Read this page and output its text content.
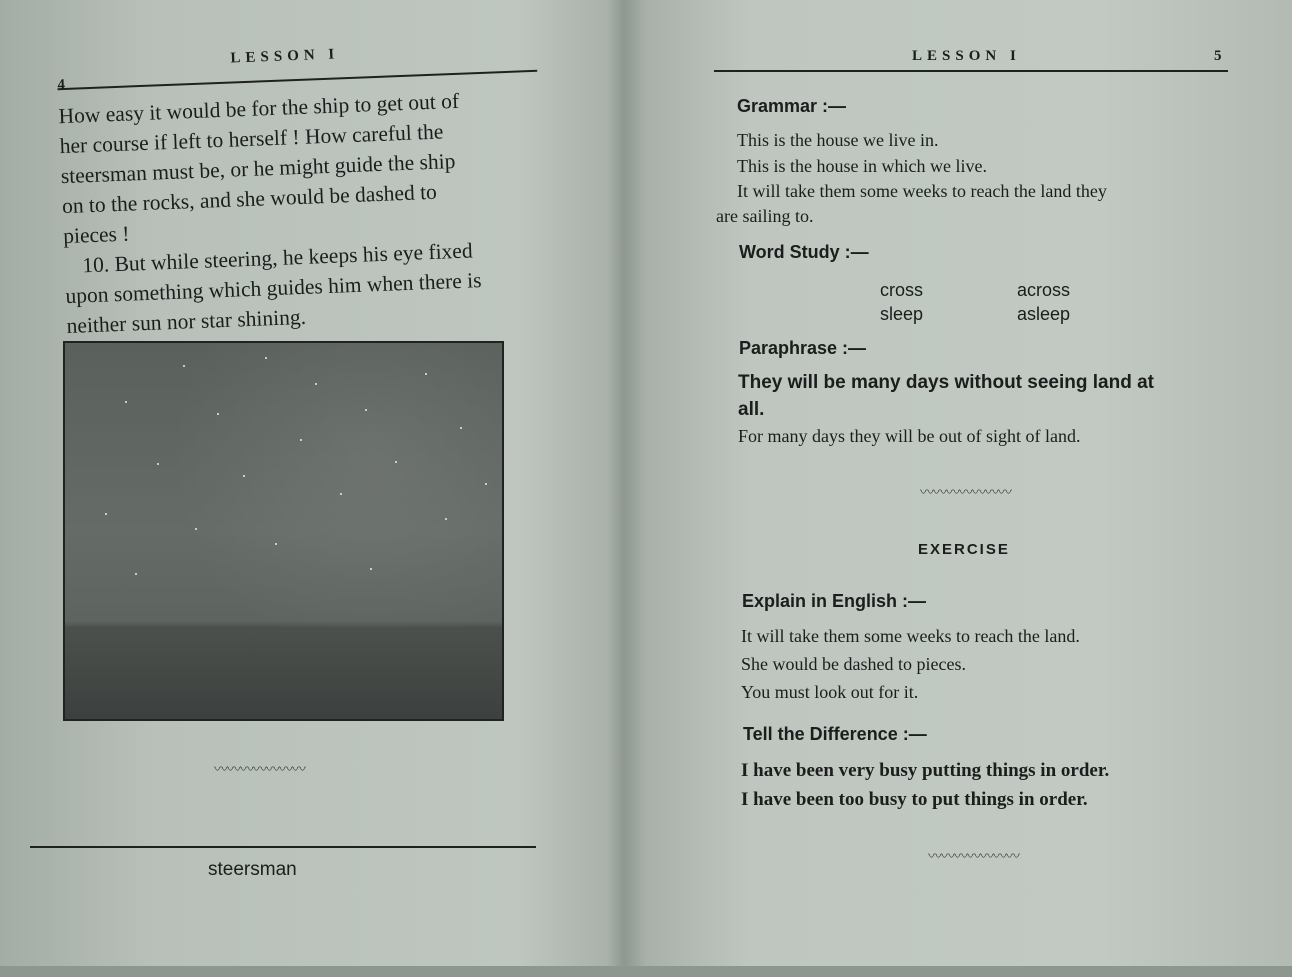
4
LESSON I

How easy it would be for the ship to get out of

her course if left to herself ! How careful the

steersman must be, or he might guide the ship

on to the rocks, and she would be dashed to

pieces !

10. But while steering, he keeps his eye fixed

upon something which guides him when there is

neither sun nor star shining.

〰〰〰〰〰〰〰
steersman
LESSON I	5
Grammar :—
This is the house we live in.
This is the house in which we live.
It will take them some weeks to reach the land they
are sailing to.
Word Study :—
cross	across
sleep	asleep
Paraphrase :—
They will be many days without seeing land at
all.
For many days they will be out of sight of land.
〰〰〰〰〰〰〰
EXERCISE
Explain in English :—
It will take them some weeks to reach the land.
She would be dashed to pieces.
You must look out for it.
Tell the Difference :—
I have been very busy putting things in order.
I have been too busy to put things in order.
〰〰〰〰〰〰〰
